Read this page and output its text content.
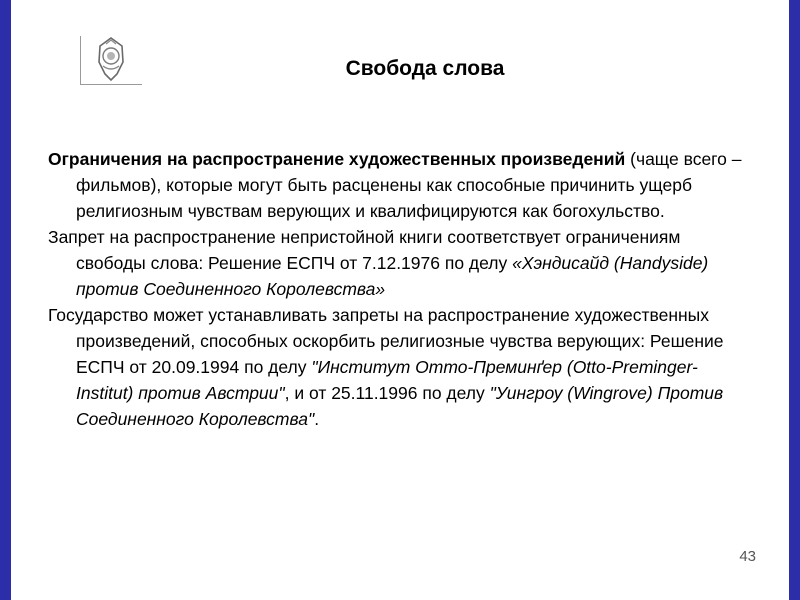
Свобода слова

Ограничения на распространение художественных произведений (чаще всего – фильмов), которые могут быть расценены как способные причинить ущерб религиозным чувствам верующих и квалифицируются как богохульство.

Запрет на распространение непристойной книги соответствует ограничениям свободы слова: Решение ЕСПЧ от 7.12.1976 по делу «Хэндисайд (Handyside) против Соединенного Королевства»

Государство может устанавливать запреты на распространение художественных произведений, способных оскорбить религиозные чувства верующих: Решение ЕСПЧ от 20.09.1994 по делу "Институт Отто-Преминґер (Otto-Preminger-Institut) против Австрии", и от 25.11.1996 по делу "Уингроу (Wingrove) Против Соединенного Королевства".

43
